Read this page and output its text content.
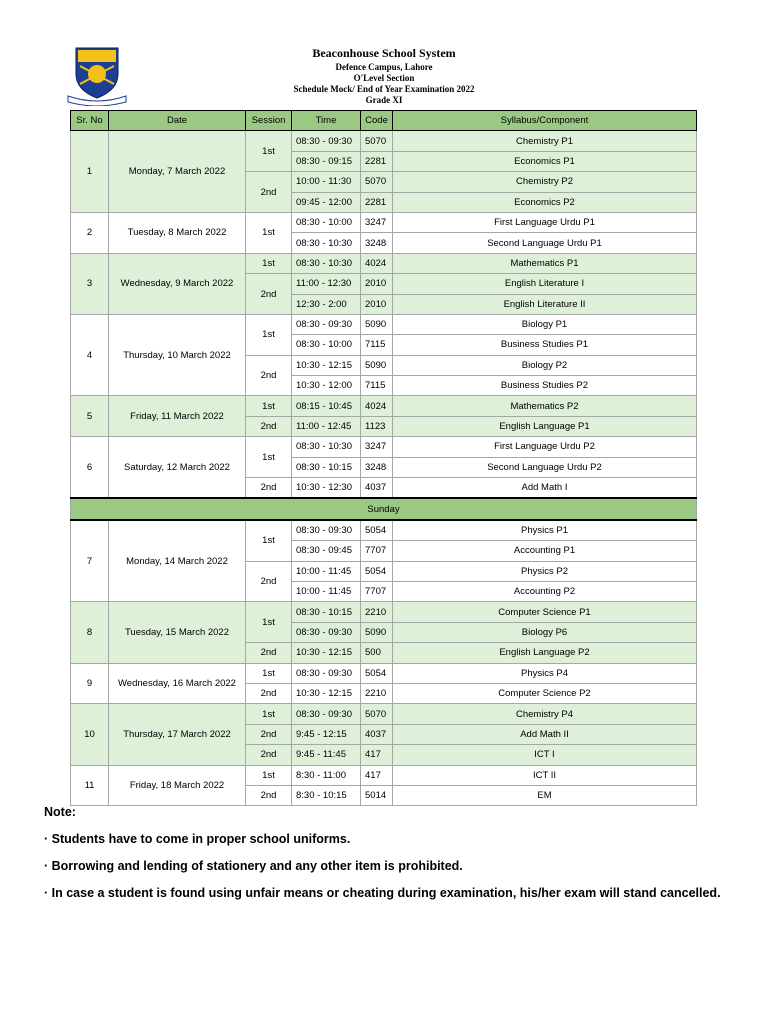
Beaconhouse School System
Defence Campus, Lahore
O'Level Section
Schedule Mock/ End of Year Examination 2022
Grade XI
Sr. No	Date	Session	Time	Code	Syllabus/Component
1	Monday, 7 March 2022	1st	08:30 - 09:30	5070	Chemistry P1
			08:30 - 09:15	2281	Economics P1
		2nd	10:00 - 11:30	5070	Chemistry P2
			09:45 - 12:00	2281	Economics P2
2	Tuesday, 8 March 2022	1st	08:30 - 10:00	3247	First Language Urdu P1
			08:30 - 10:30	3248	Second Language Urdu P1
3	Wednesday, 9 March 2022	1st	08:30 - 10:30	4024	Mathematics P1
		2nd	11:00 - 12:30	2010	English Literature I
			12:30 - 2:00	2010	English Literature II
4	Thursday, 10 March 2022	1st	08:30 - 09:30	5090	Biology P1
			08:30 - 10:00	7115	Business Studies P1
		2nd	10:30 - 12:15	5090	Biology P2
			10:30 - 12:00	7115	Business Studies P2
5	Friday, 11 March 2022	1st	08:15 - 10:45	4024	Mathematics P2
		2nd	11:00 - 12:45	1123	English Language P1
6	Saturday, 12 March 2022	1st	08:30 - 10:30	3247	First Language Urdu P2
			08:30 - 10:15	3248	Second Language Urdu P2
		2nd	10:30 - 12:30	4037	Add Math I
Sunday					
7	Monday, 14 March 2022	1st	08:30 - 09:30	5054	Physics P1
			08:30 - 09:45	7707	Accounting P1
		2nd	10:00 - 11:45	5054	Physics P2
			10:00 - 11:45	7707	Accounting P2
8	Tuesday, 15 March 2022	1st	08:30 - 10:15	2210	Computer Science P1
			08:30 - 09:30	5090	Biology P6
		2nd	10:30 - 12:15	500	English Language P2
9	Wednesday, 16 March 2022	1st	08:30 - 09:30	5054	Physics P4
		2nd	10:30 - 12:15	2210	Computer Science P2
10	Thursday, 17 March 2022	1st	08:30 - 09:30	5070	Chemistry P4
		2nd	9:45 - 12:15	4037	Add Math II
		2nd	9:45 - 11:45	417	ICT I
11	Friday, 18 March 2022	1st	8:30 - 11:00	417	ICT II
		2nd	8:30 - 10:15	5014	EM
Note:
· Students have to come in proper school uniforms.
· Borrowing and lending of stationery and any other item is prohibited.
· In case a student is found using unfair means or cheating during examination, his/her exam will stand cancelled.
